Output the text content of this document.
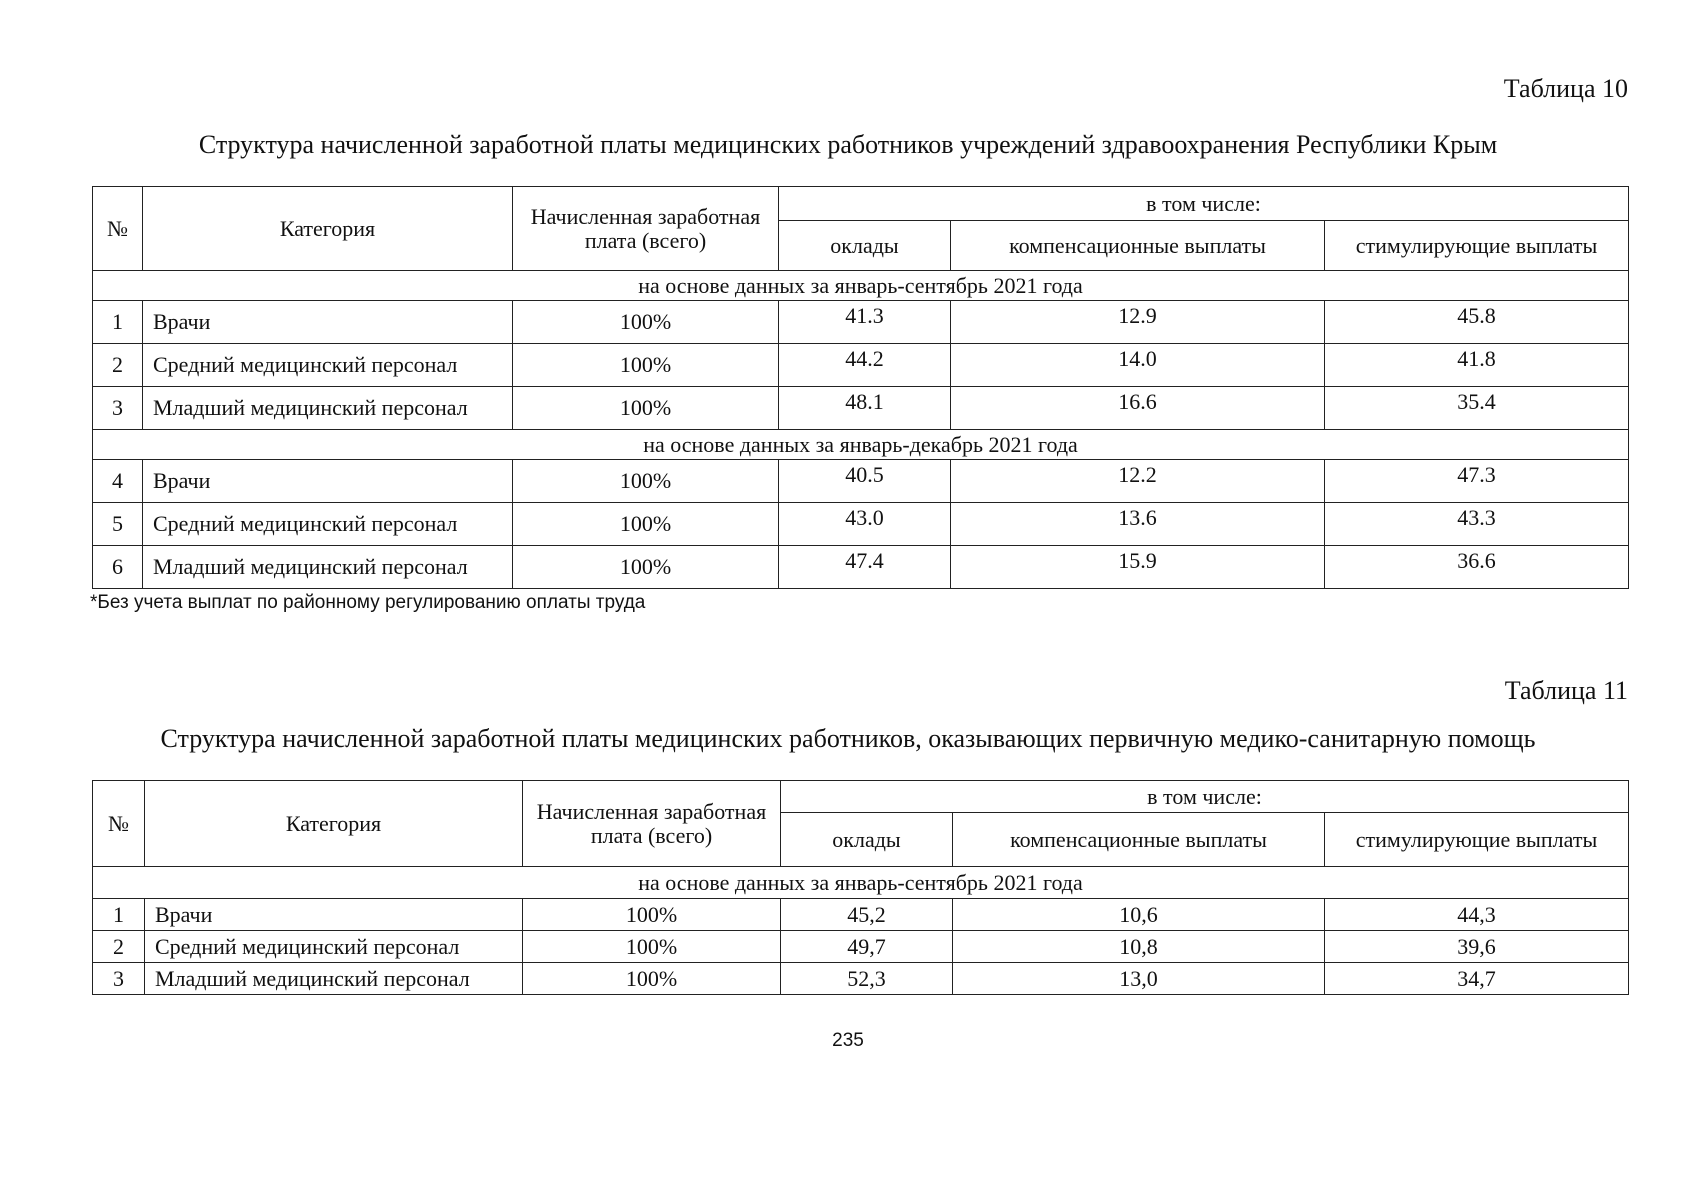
Таблица 10
Структура начисленной заработной платы медицинских работников учреждений здравоохранения Республики Крым
№	Категория	Начисленная заработная плата (всего)	в том числе:		
			оклады	компенсационные выплаты	стимулирующие выплаты
на основе данных за январь-сентябрь 2021 года					
1	Врачи	100%	41.3	12.9	45.8
2	Средний медицинский персонал	100%	44.2	14.0	41.8
3	Младший медицинский персонал	100%	48.1	16.6	35.4
на основе данных за январь-декабрь 2021 года					
4	Врачи	100%	40.5	12.2	47.3
5	Средний медицинский персонал	100%	43.0	13.6	43.3
6	Младший медицинский персонал	100%	47.4	15.9	36.6
*Без учета выплат по районному регулированию оплаты труда
Таблица 11
Структура начисленной заработной платы медицинских работников, оказывающих первичную медико-санитарную помощь
№	Категория	Начисленная заработная плата (всего)	в том числе:		
			оклады	компенсационные выплаты	стимулирующие выплаты
на основе данных за январь-сентябрь 2021 года					
1	Врачи	100%	45,2	10,6	44,3
2	Средний медицинский персонал	100%	49,7	10,8	39,6
3	Младший медицинский персонал	100%	52,3	13,0	34,7
235
